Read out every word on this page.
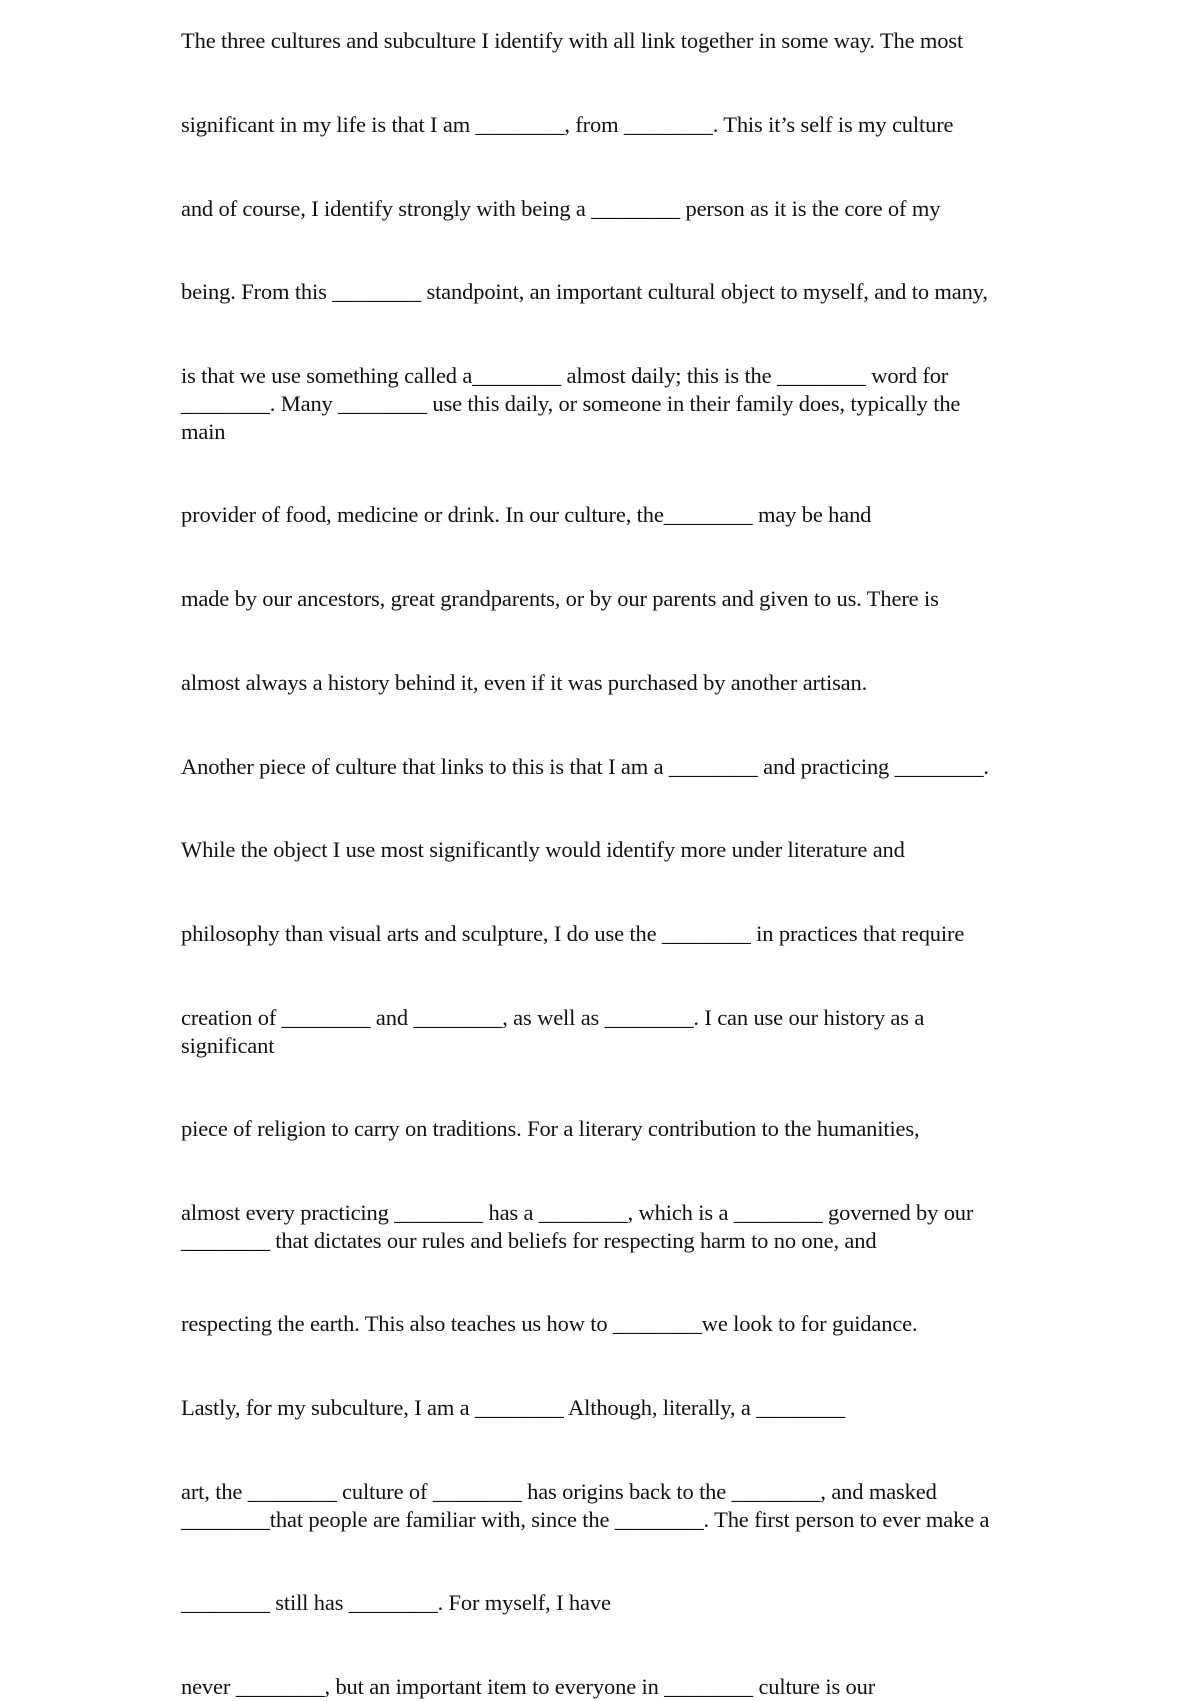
The three cultures and subculture I identify with all link together in some way. The most
significant in my life is that I am ________, from ________. This it’s self is my culture
and of course, I identify strongly with being a ________ person as it is the core of my
being. From this ________ standpoint, an important cultural object to myself, and to many,
is that we use something called a________ almost daily; this is the ________ word for
________. Many ________ use this daily, or someone in their family does, typically the
main
provider of food, medicine or drink. In our culture, the________ may be hand
made by our ancestors, great grandparents, or by our parents and given to us. There is
almost always a history behind it, even if it was purchased by another artisan.
Another piece of culture that links to this is that I am a ________ and practicing ________.
While the object I use most significantly would identify more under literature and
philosophy than visual arts and sculpture, I do use the ________ in practices that require
creation of ________ and ________, as well as ________. I can use our history as a
significant
piece of religion to carry on traditions. For a literary contribution to the humanities,
almost every practicing ________ has a ________, which is a ________ governed by our
________ that dictates our rules and beliefs for respecting harm to no one, and
respecting the earth. This also teaches us how to ________we look to for guidance.
Lastly, for my subculture, I am a ________ Although, literally, a ________
art, the ________ culture of ________ has origins back to the ________, and masked
________that people are familiar with, since the ________. The first person to ever make a
________ still has ________. For myself, I have
never ________, but an important item to everyone in ________ culture is our
